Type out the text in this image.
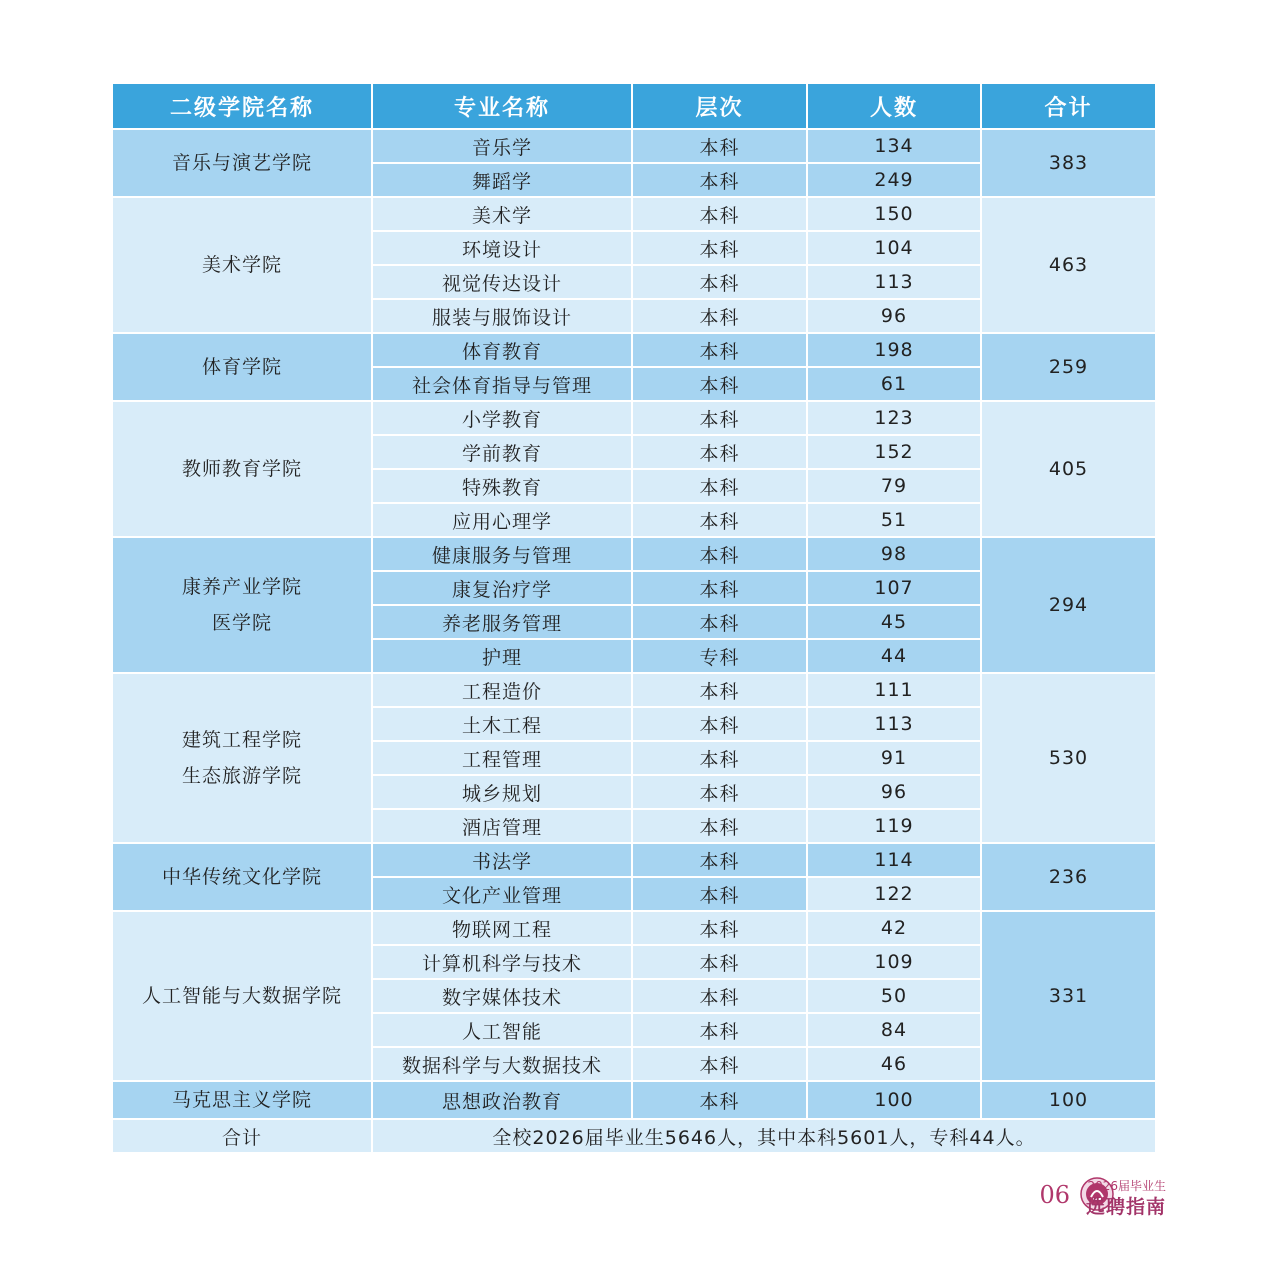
二级学院名称	专业名称	层次	人数	合计

音乐与演艺学院	音乐学	本科	134	383
	舞蹈学	本科	249	

美术学院	美术学	本科	150	463
	环境设计	本科	104	
	视觉传达设计	本科	113	
	服装与服饰设计	本科	96	

体育学院	体育教育	本科	198	259
	社会体育指导与管理	本科	61	

教师教育学院	小学教育	本科	123	405
	学前教育	本科	152	
	特殊教育	本科	79	
	应用心理学	本科	51	

康养产业学院
医学院	健康服务与管理	本科	98	294
	康复治疗学	本科	107	
	养老服务管理	本科	45	
	护理	专科	44	

建筑工程学院
生态旅游学院	工程造价	本科	111	530
	土木工程	本科	113	
	工程管理	本科	91	
	城乡规划	本科	96	
	酒店管理	本科	119	

中华传统文化学院	书法学	本科	114	236
	文化产业管理	本科	122	

人工智能与大数据学院	物联网工程	本科	42	331
	计算机科学与技术	本科	109	
	数字媒体技术	本科	50	
	人工智能	本科	84	
	数据科学与大数据技术	本科	46	

马克思主义学院	思想政治教育	本科	100	100
合计	全校2026届毕业生5646人，其中本科5601人，专科44人。			
06 2026届毕业生
选聘指南
